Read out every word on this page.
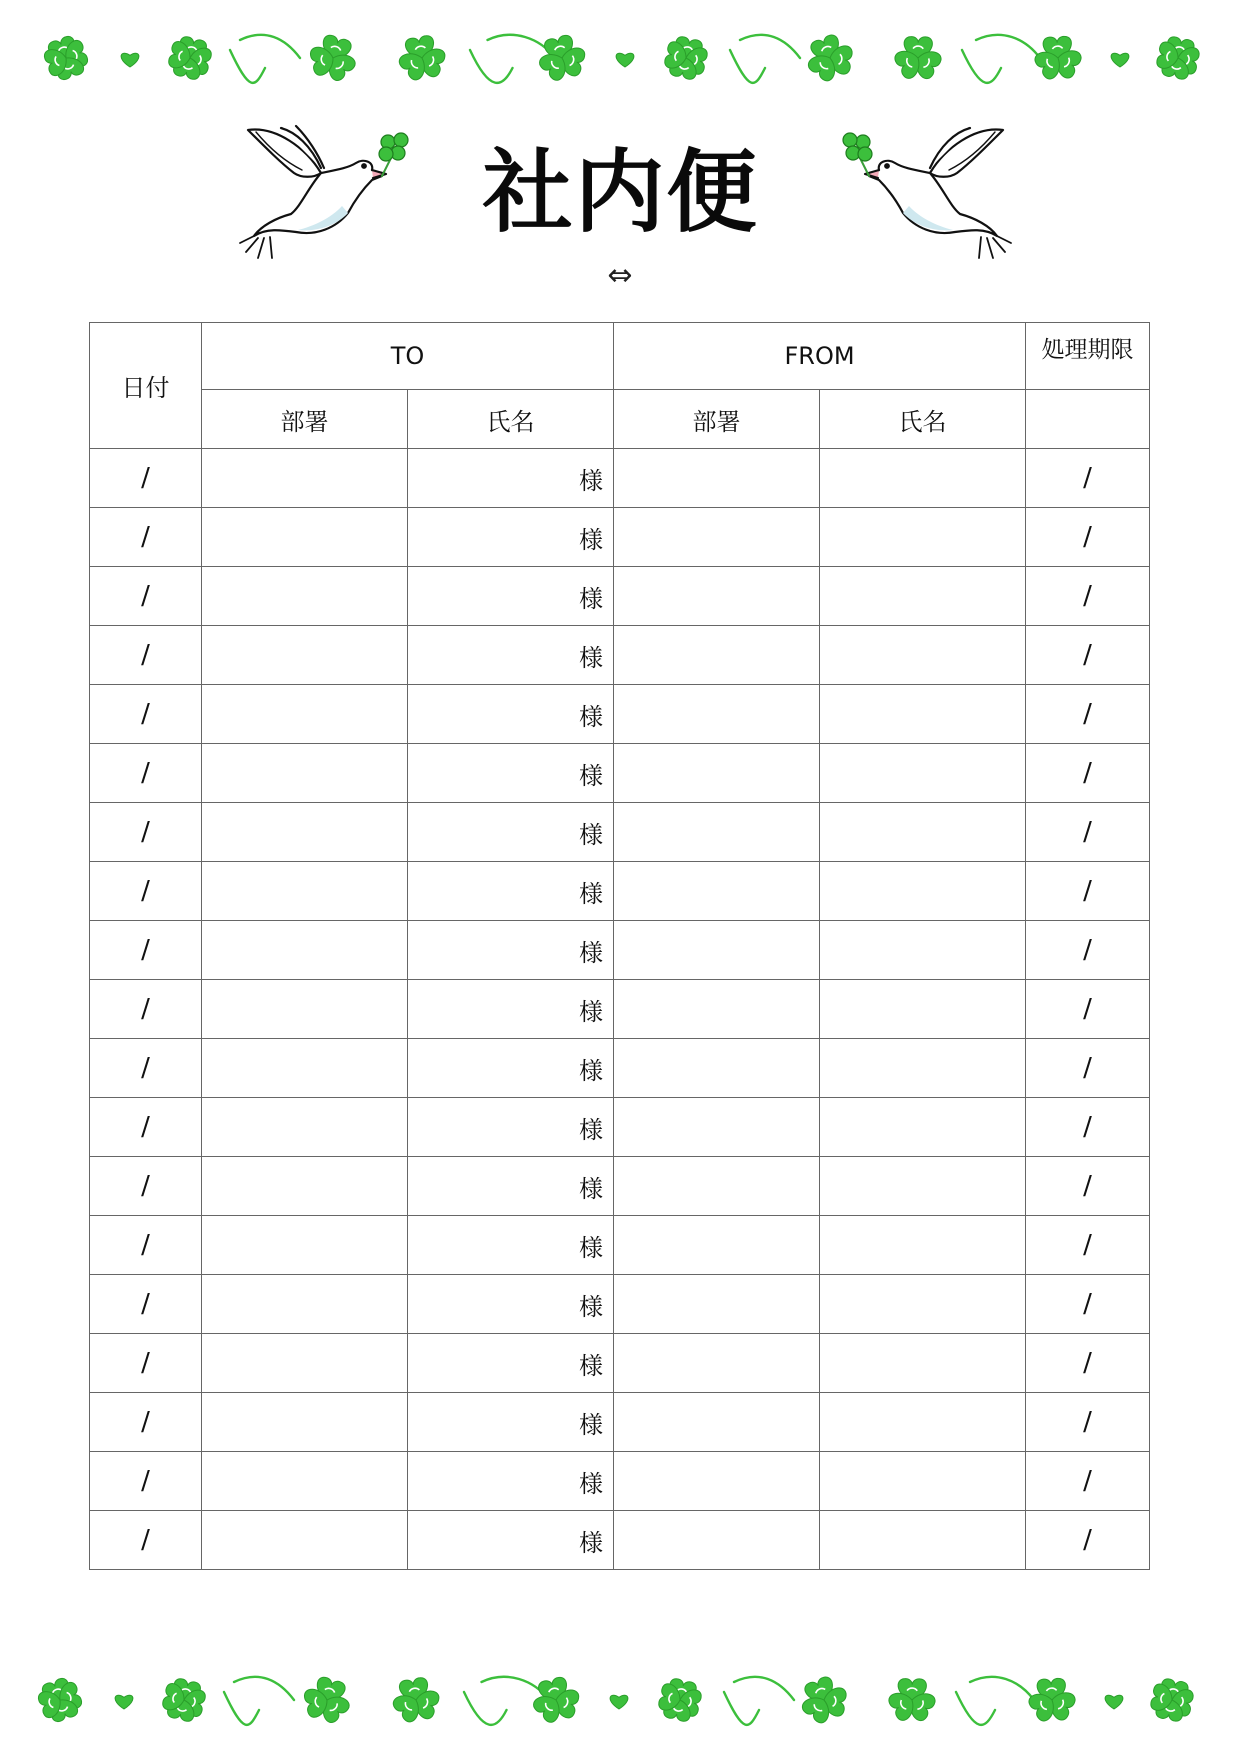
社内便
⇔
日付	TO		FROM		処理期限
	部署	氏名	部署	氏名	
/		様			/
/		様			/
/		様			/
/		様			/
/		様			/
/		様			/
/		様			/
/		様			/
/		様			/
/		様			/
/		様			/
/		様			/
/		様			/
/		様			/
/		様			/
/		様			/
/		様			/
/		様			/
/		様			/
